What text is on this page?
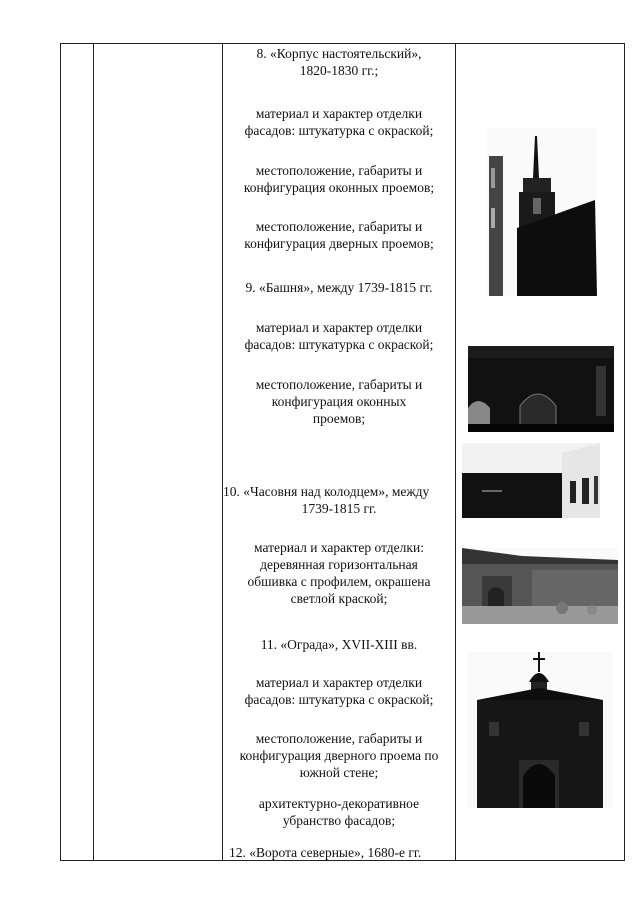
8. «Корпус настоятельский»,
1820-1830 гг.;
материал и характер отделки
фасадов: штукатурка с окраской;
местоположение, габариты и
конфигурация оконных проемов;
местоположение, габариты и
конфигурация дверных проемов;
9. «Башня», между 1739-1815 гг.
материал и характер отделки
фасадов: штукатурка с окраской;
местоположение, габариты и
конфигурация оконных
проемов;
10. «Часовня над колодцем», между
1739-1815 гг.
материал и характер отделки:
деревянная горизонтальная
обшивка с профилем, окрашена
светлой краской;
11. «Ограда», XVII-XIII вв.
материал и характер отделки
фасадов: штукатурка с окраской;
местоположение, габариты и
конфигурация дверного проема по
южной стене;
архитектурно-декоративное
убранство фасадов;
12. «Ворота северные», 1680-е гг.
